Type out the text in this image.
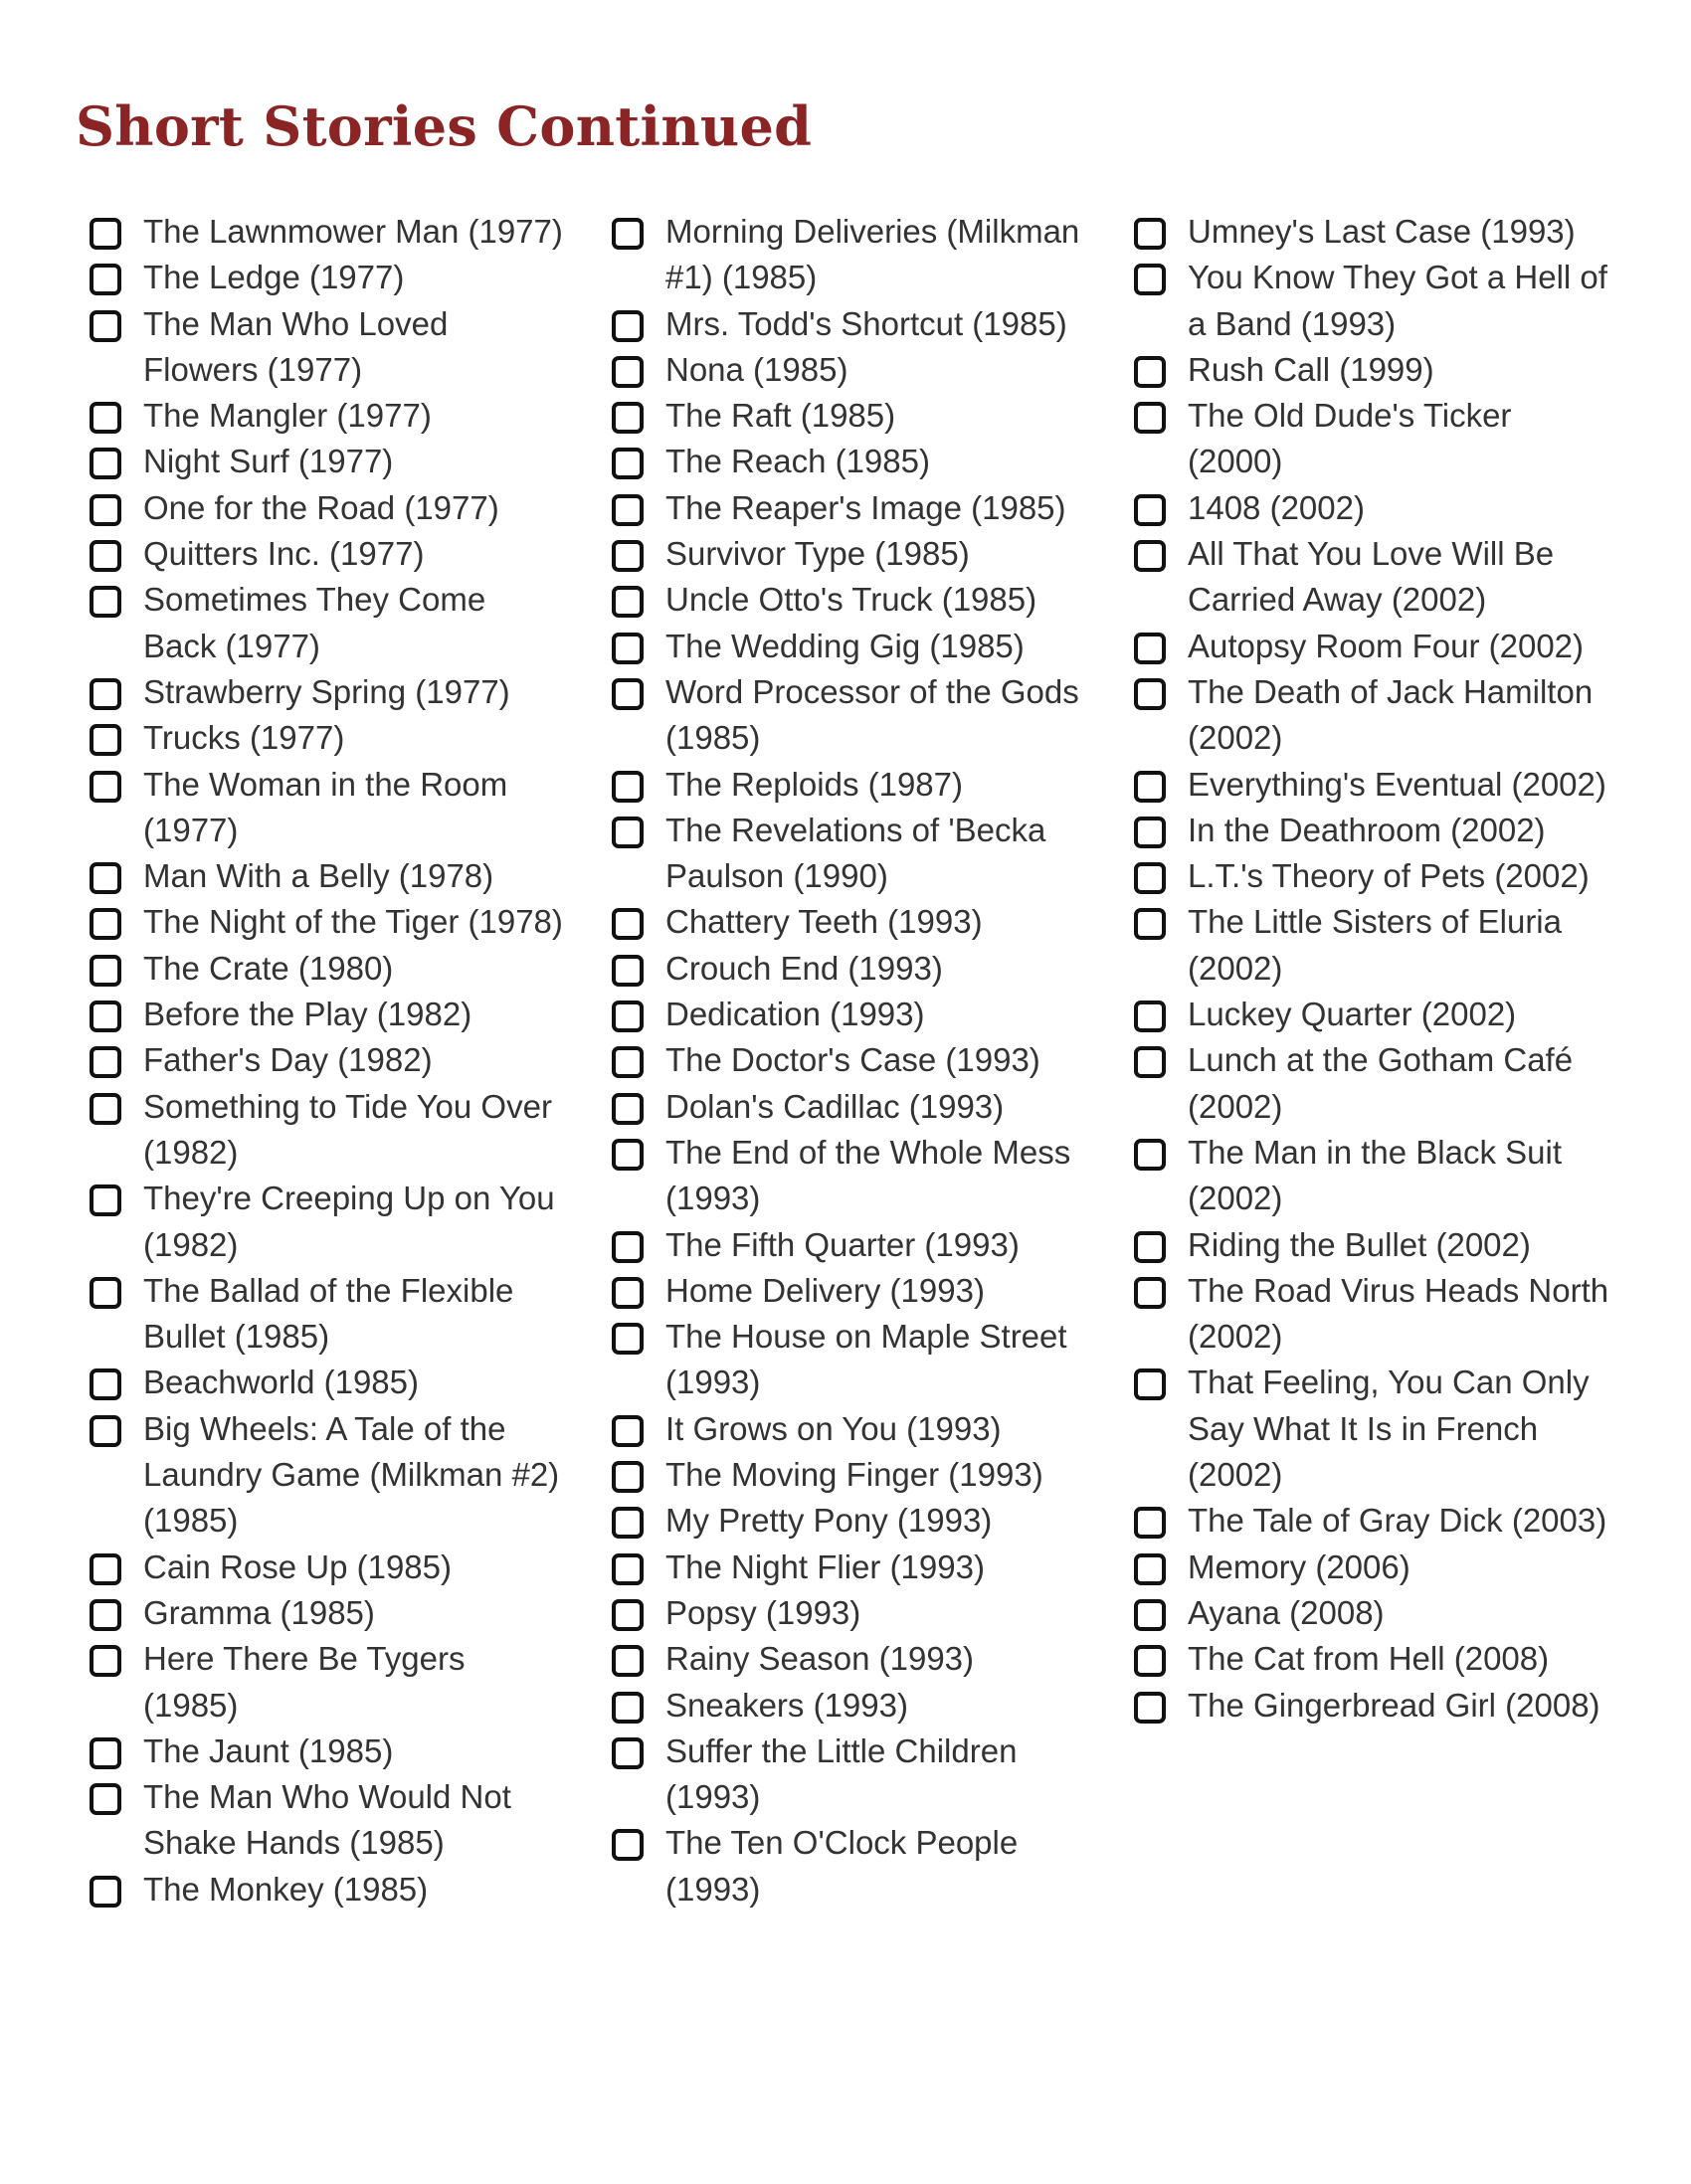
Short Stories Continued
The Lawnmower Man (1977)
The Ledge (1977)
The Man Who Loved Flowers (1977)
The Mangler (1977)
Night Surf (1977)
One for the Road (1977)
Quitters Inc. (1977)
Sometimes They Come Back (1977)
Strawberry Spring (1977)
Trucks (1977)
The Woman in the Room (1977)
Man With a Belly (1978)
The Night of the Tiger (1978)
The Crate (1980)
Before the Play (1982)
Father's Day (1982)
Something to Tide You Over (1982)
They're Creeping Up on You (1982)
The Ballad of the Flexible Bullet (1985)
Beachworld (1985)
Big Wheels: A Tale of the Laundry Game (Milkman #2) (1985)
Cain Rose Up (1985)
Gramma (1985)
Here There Be Tygers (1985)
The Jaunt (1985)
The Man Who Would Not Shake Hands (1985)
The Monkey (1985)
Morning Deliveries (Milkman #1) (1985)
Mrs. Todd's Shortcut (1985)
Nona (1985)
The Raft (1985)
The Reach (1985)
The Reaper's Image (1985)
Survivor Type (1985)
Uncle Otto's Truck (1985)
The Wedding Gig (1985)
Word Processor of the Gods (1985)
The Reploids (1987)
The Revelations of 'Becka Paulson (1990)
Chattery Teeth (1993)
Crouch End (1993)
Dedication (1993)
The Doctor's Case (1993)
Dolan's Cadillac (1993)
The End of the Whole Mess (1993)
The Fifth Quarter (1993)
Home Delivery (1993)
The House on Maple Street (1993)
It Grows on You (1993)
The Moving Finger (1993)
My Pretty Pony (1993)
The Night Flier (1993)
Popsy (1993)
Rainy Season (1993)
Sneakers (1993)
Suffer the Little Children (1993)
The Ten O'Clock People (1993)
Umney's Last Case (1993)
You Know They Got a Hell of a Band (1993)
Rush Call (1999)
The Old Dude's Ticker (2000)
1408 (2002)
All That You Love Will Be Carried Away (2002)
Autopsy Room Four (2002)
The Death of Jack Hamilton (2002)
Everything's Eventual (2002)
In the Deathroom (2002)
L.T.'s Theory of Pets (2002)
The Little Sisters of Eluria (2002)
Luckey Quarter (2002)
Lunch at the Gotham Café (2002)
The Man in the Black Suit (2002)
Riding the Bullet (2002)
The Road Virus Heads North (2002)
That Feeling, You Can Only Say What It Is in French (2002)
The Tale of Gray Dick (2003)
Memory (2006)
Ayana (2008)
The Cat from Hell (2008)
The Gingerbread Girl (2008)
